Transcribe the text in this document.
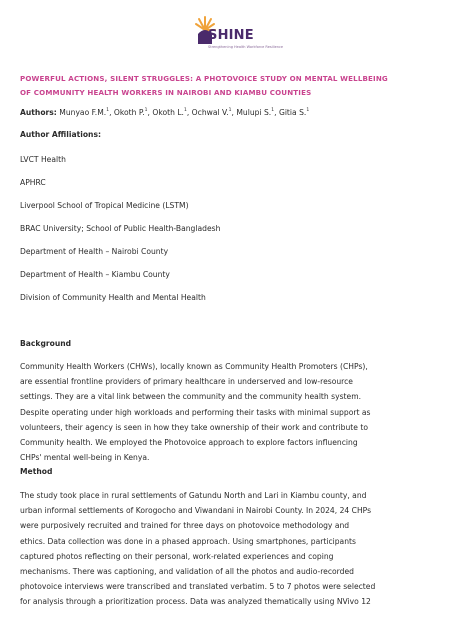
SHINE
Strengthening Health Workforce Resilience
POWERFUL ACTIONS, SILENT STRUGGLES: A PHOTOVOICE STUDY ON MENTAL WELLBEING
OF COMMUNITY HEALTH WORKERS IN NAIROBI AND KIAMBU COUNTIES
Authors: Munyao F.M.$^1$, Okoth P.$^1$, Okoth L.$^1$, Ochwal V.$^1$, Mulupi S.$^1$, Gitia S.$^1$
Author Affiliations:
LVCT Health
APHRC
Liverpool School of Tropical Medicine (LSTM)
BRAC University; School of Public Health-Bangladesh
Department of Health – Nairobi County
Department of Health – Kiambu County
Division of Community Health and Mental Health
Background
Community Health Workers (CHWs), locally known as Community Health Promoters (CHPs),
are essential frontline providers of primary healthcare in underserved and low-resource
settings. They are a vital link between the community and the community health system.
Despite operating under high workloads and performing their tasks with minimal support as
volunteers, their agency is seen in how they take ownership of their work and contribute to
Community health. We employed the Photovoice approach to explore factors influencing
CHPs' mental well-being in Kenya.
Method
The study took place in rural settlements of Gatundu North and Lari in Kiambu county, and
urban informal settlements of Korogocho and Viwandani in Nairobi County. In 2024, 24 CHPs
were purposively recruited and trained for three days on photovoice methodology and
ethics. Data collection was done in a phased approach. Using smartphones, participants
captured photos reflecting on their personal, work-related experiences and coping
mechanisms. There was captioning, and validation of all the photos and audio-recorded
photovoice interviews were transcribed and translated verbatim. 5 to 7 photos were selected
for analysis through a prioritization process. Data was analyzed thematically using NVivo 12
